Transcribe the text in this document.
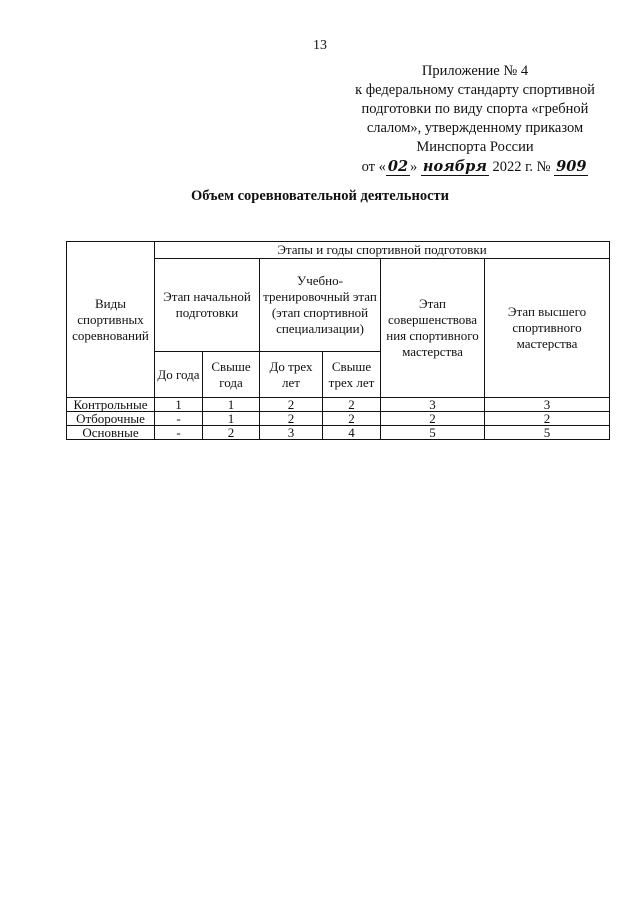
13
Приложение № 4
к федеральному стандарту спортивной
подготовки по виду спорта «гребной
слалом», утвержденному приказом
Минспорта России
от « 02 » ноября 2022 г. № 909
Объем соревновательной деятельности
Виды спортивных соревнований	Этапы и годы спортивной подготовки					
	Этап начальной подготовки		Учебно-тренировочный этап (этап спортивной специализации)		Этап совершенствова ния спортивного мастерства	Этап высшего спортивного мастерства
	До года	Свыше года	До трех лет	Свыше трех лет		
Контрольные	1	1	2	2	3	3
Отборочные	-	1	2	2	2	2
Основные	-	2	3	4	5	5
